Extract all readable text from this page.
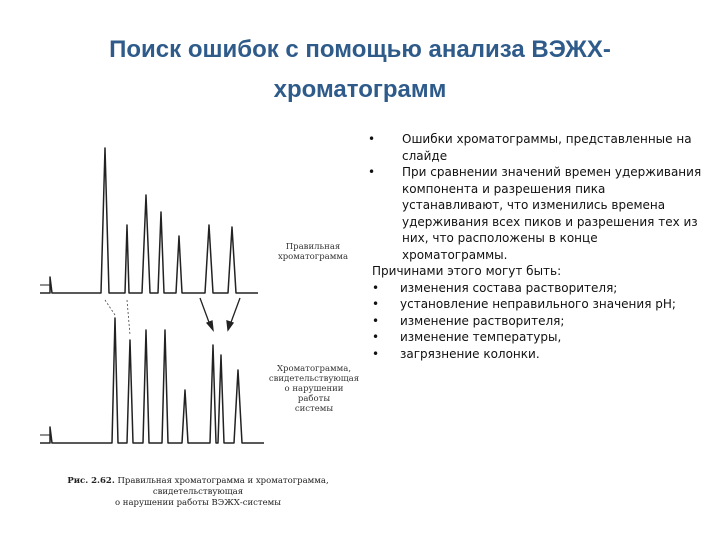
Поиск ошибок с помощью анализа ВЭЖХ-
хроматограмм
Правильная
хроматограмма
Хроматограмма,
свидетельствующая
о нарушении работы
системы
Рис. 2.62. Правильная хроматограмма и хроматограмма, свидетельствующая
о нарушении работы ВЭЖХ-системы
• Ошибки хроматограммы, представленные на слайде
• При сравнении значений времен удерживания компонента и разрешения пика устанавливают, что изменились времена удерживания всех пиков и разрешения тех из них, что расположены в конце хроматограммы.
Причинами этого могут быть:
• изменения состава растворителя;
• установление неправильного значения pH;
• изменение растворителя;
• изменение температуры,
• загрязнение колонки.
